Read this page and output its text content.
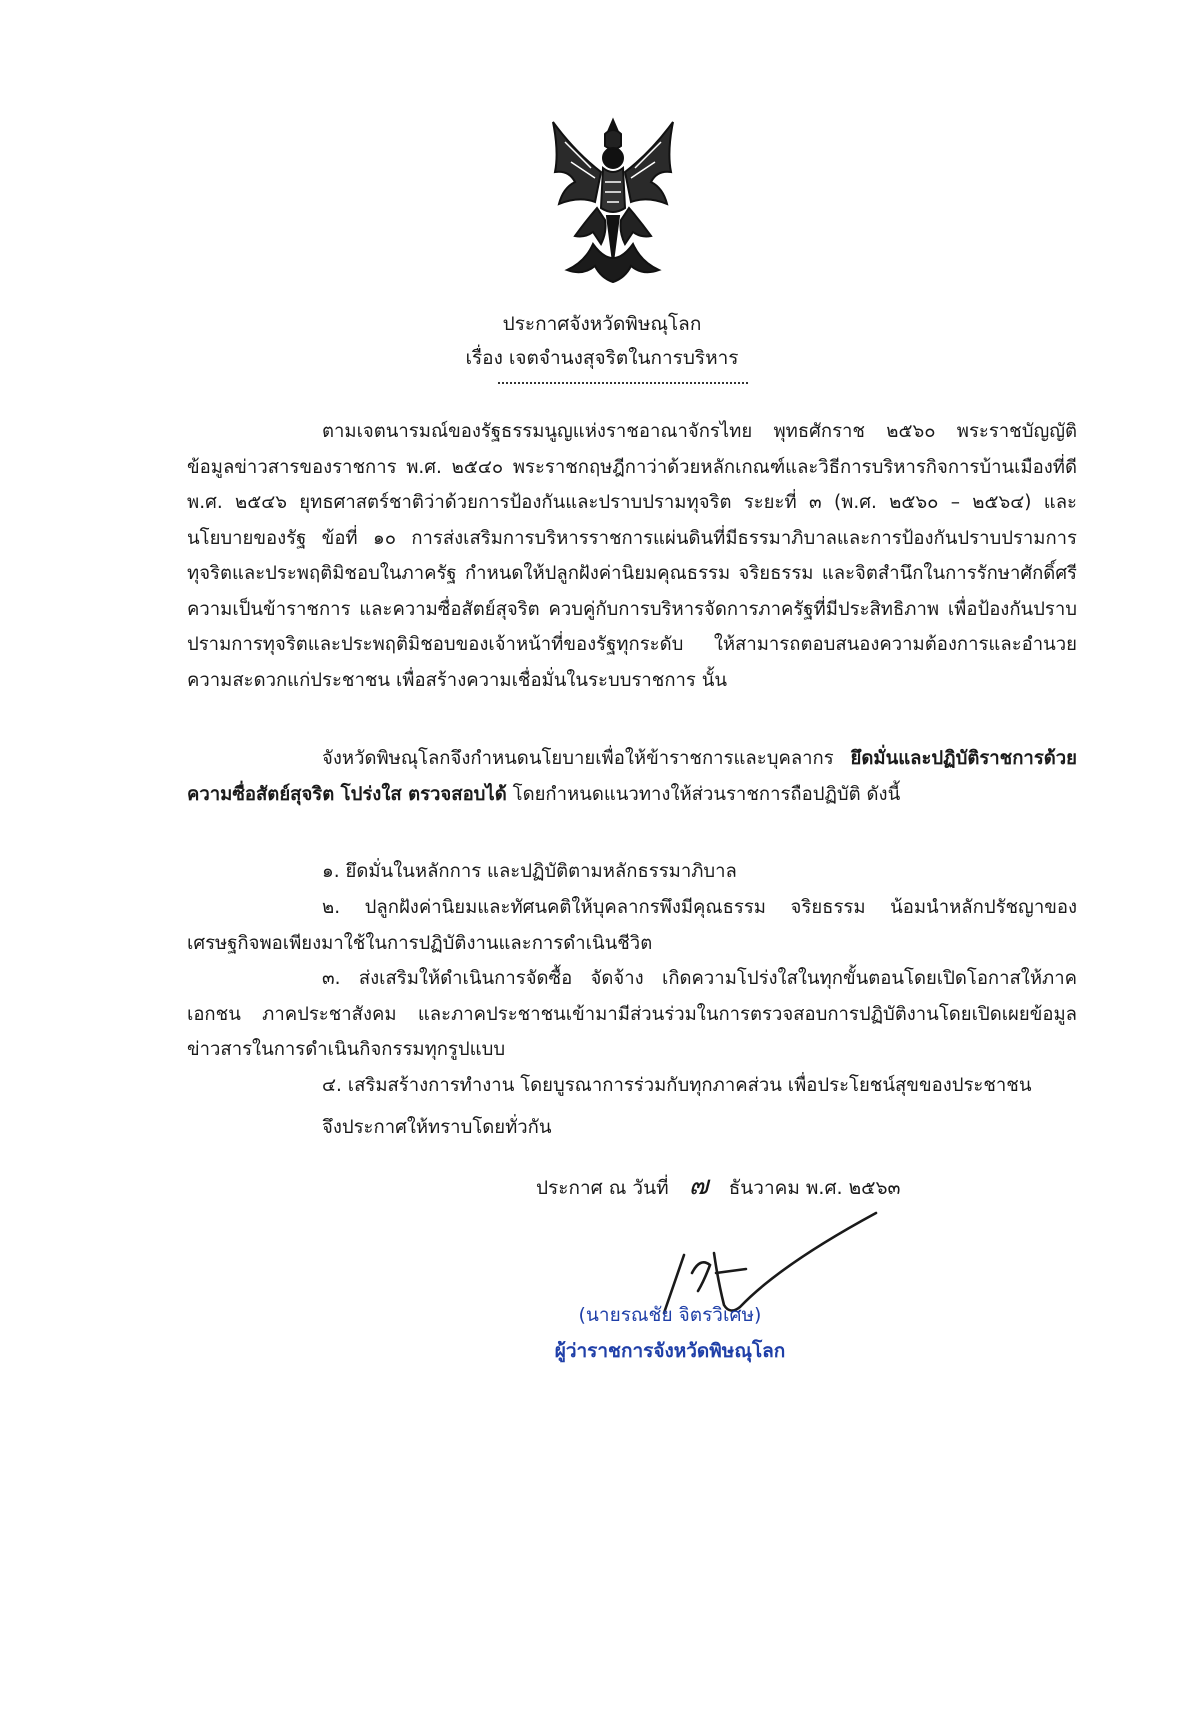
ประกาศจังหวัดพิษณุโลก
เรื่อง เจตจำนงสุจริตในการบริหาร

ตามเจตนารมณ์ของรัฐธรรมนูญแห่งราชอาณาจักรไทย พุทธศักราช ๒๕๖๐ พระราชบัญญัติข้อมูลข่าวสารของราชการ พ.ศ. ๒๕๔๐ พระราชกฤษฎีกาว่าด้วยหลักเกณฑ์และวิธีการบริหารกิจการบ้านเมืองที่ดี พ.ศ. ๒๕๔๖ ยุทธศาสตร์ชาติว่าด้วยการป้องกันและปราบปรามทุจริต ระยะที่ ๓ (พ.ศ. ๒๕๖๐ – ๒๕๖๔) และนโยบายของรัฐ ข้อที่ ๑๐ การส่งเสริมการบริหารราชการแผ่นดินที่มีธรรมาภิบาลและการป้องกันปราบปรามการทุจริตและประพฤติมิชอบในภาครัฐ กำหนดให้ปลูกฝังค่านิยมคุณธรรม จริยธรรม และจิตสำนึกในการรักษาศักดิ์ศรีความเป็นข้าราชการ และความซื่อสัตย์สุจริต ควบคู่กับการบริหารจัดการภาครัฐที่มีประสิทธิภาพ เพื่อป้องกันปราบปรามการทุจริตและประพฤติมิชอบของเจ้าหน้าที่ของรัฐทุกระดับ ให้สามารถตอบสนองความต้องการและอำนวยความสะดวกแก่ประชาชน เพื่อสร้างความเชื่อมั่นในระบบราชการ นั้น

จังหวัดพิษณุโลกจึงกำหนดนโยบายเพื่อให้ข้าราชการและบุคลากร ยึดมั่นและปฏิบัติราชการด้วยความซื่อสัตย์สุจริต โปร่งใส ตรวจสอบได้ โดยกำหนดแนวทางให้ส่วนราชการถือปฏิบัติ ดังนี้

๑. ยึดมั่นในหลักการ และปฏิบัติตามหลักธรรมาภิบาล

๒. ปลูกฝังค่านิยมและทัศนคติให้บุคลากรพึงมีคุณธรรม จริยธรรม น้อมนำหลักปรัชญาของเศรษฐกิจพอเพียงมาใช้ในการปฏิบัติงานและการดำเนินชีวิต

๓. ส่งเสริมให้ดำเนินการจัดซื้อ จัดจ้าง เกิดความโปร่งใสในทุกขั้นตอนโดยเปิดโอกาสให้ภาคเอกชน ภาคประชาสังคม และภาคประชาชนเข้ามามีส่วนร่วมในการตรวจสอบการปฏิบัติงานโดยเปิดเผยข้อมูลข่าวสารในการดำเนินกิจกรรมทุกรูปแบบ

๔. เสริมสร้างการทำงาน โดยบูรณาการร่วมกับทุกภาคส่วน เพื่อประโยชน์สุขของประชาชน

จึงประกาศให้ทราบโดยทั่วกัน

ประกาศ ณ วันที่ ๗ ธันวาคม พ.ศ. ๒๕๖๓
(นายรณชัย จิตรวิเศษ)
ผู้ว่าราชการจังหวัดพิษณุโลก
